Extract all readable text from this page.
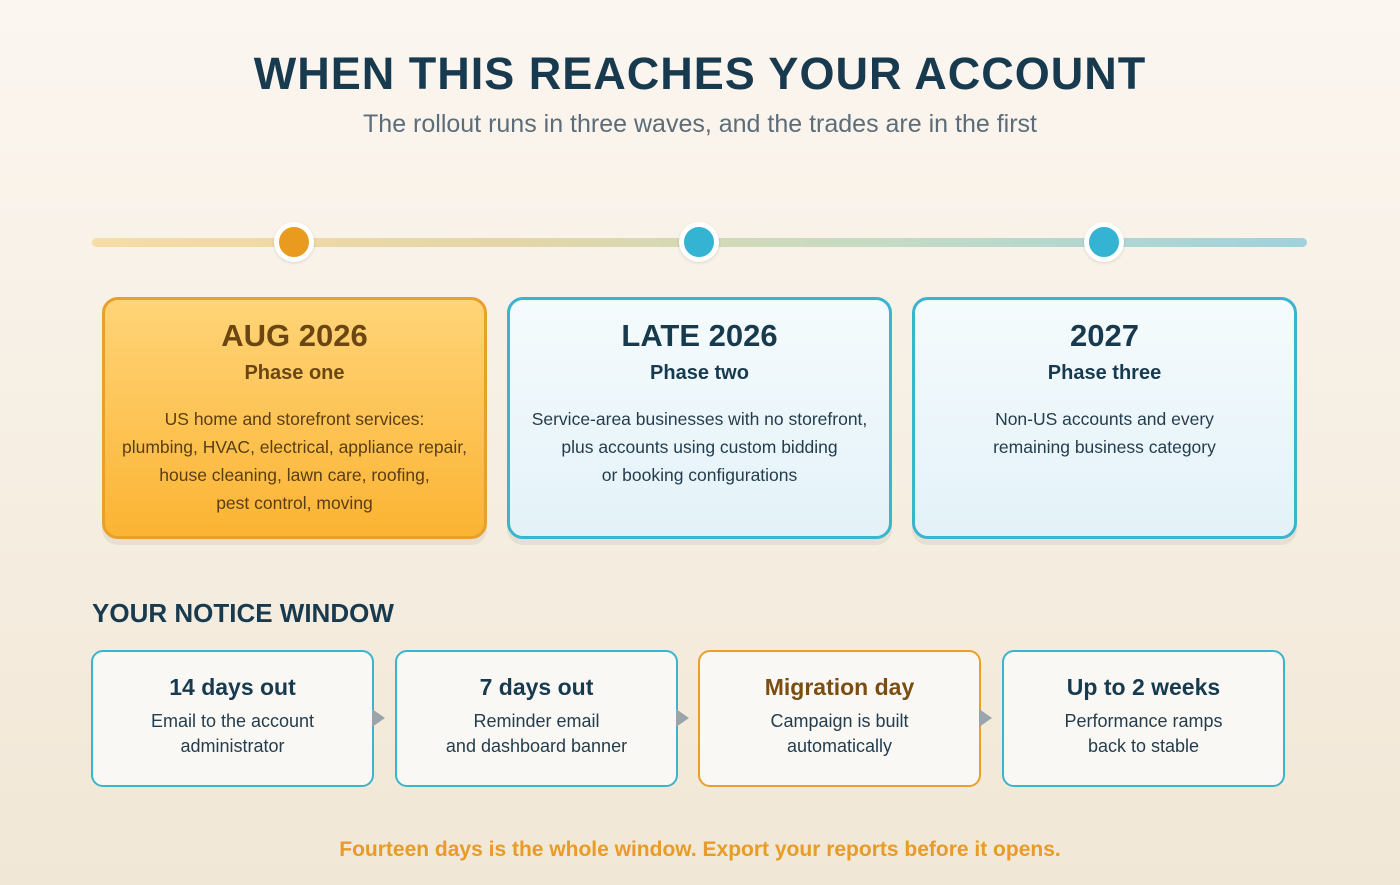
WHEN THIS REACHES YOUR ACCOUNT
The rollout runs in three waves, and the trades are in the first
AUG 2026
Phase one
US home and storefront services:
plumbing, HVAC, electrical, appliance repair,
house cleaning, lawn care, roofing,
pest control, moving
LATE 2026
Phase two
Service-area businesses with no storefront,
plus accounts using custom bidding
or booking configurations
2027
Phase three
Non-US accounts and every
remaining business category
YOUR NOTICE WINDOW
14 days out
Email to the account
administrator
7 days out
Reminder email
and dashboard banner
Migration day
Campaign is built
automatically
Up to 2 weeks
Performance ramps
back to stable
Fourteen days is the whole window. Export your reports before it opens.
